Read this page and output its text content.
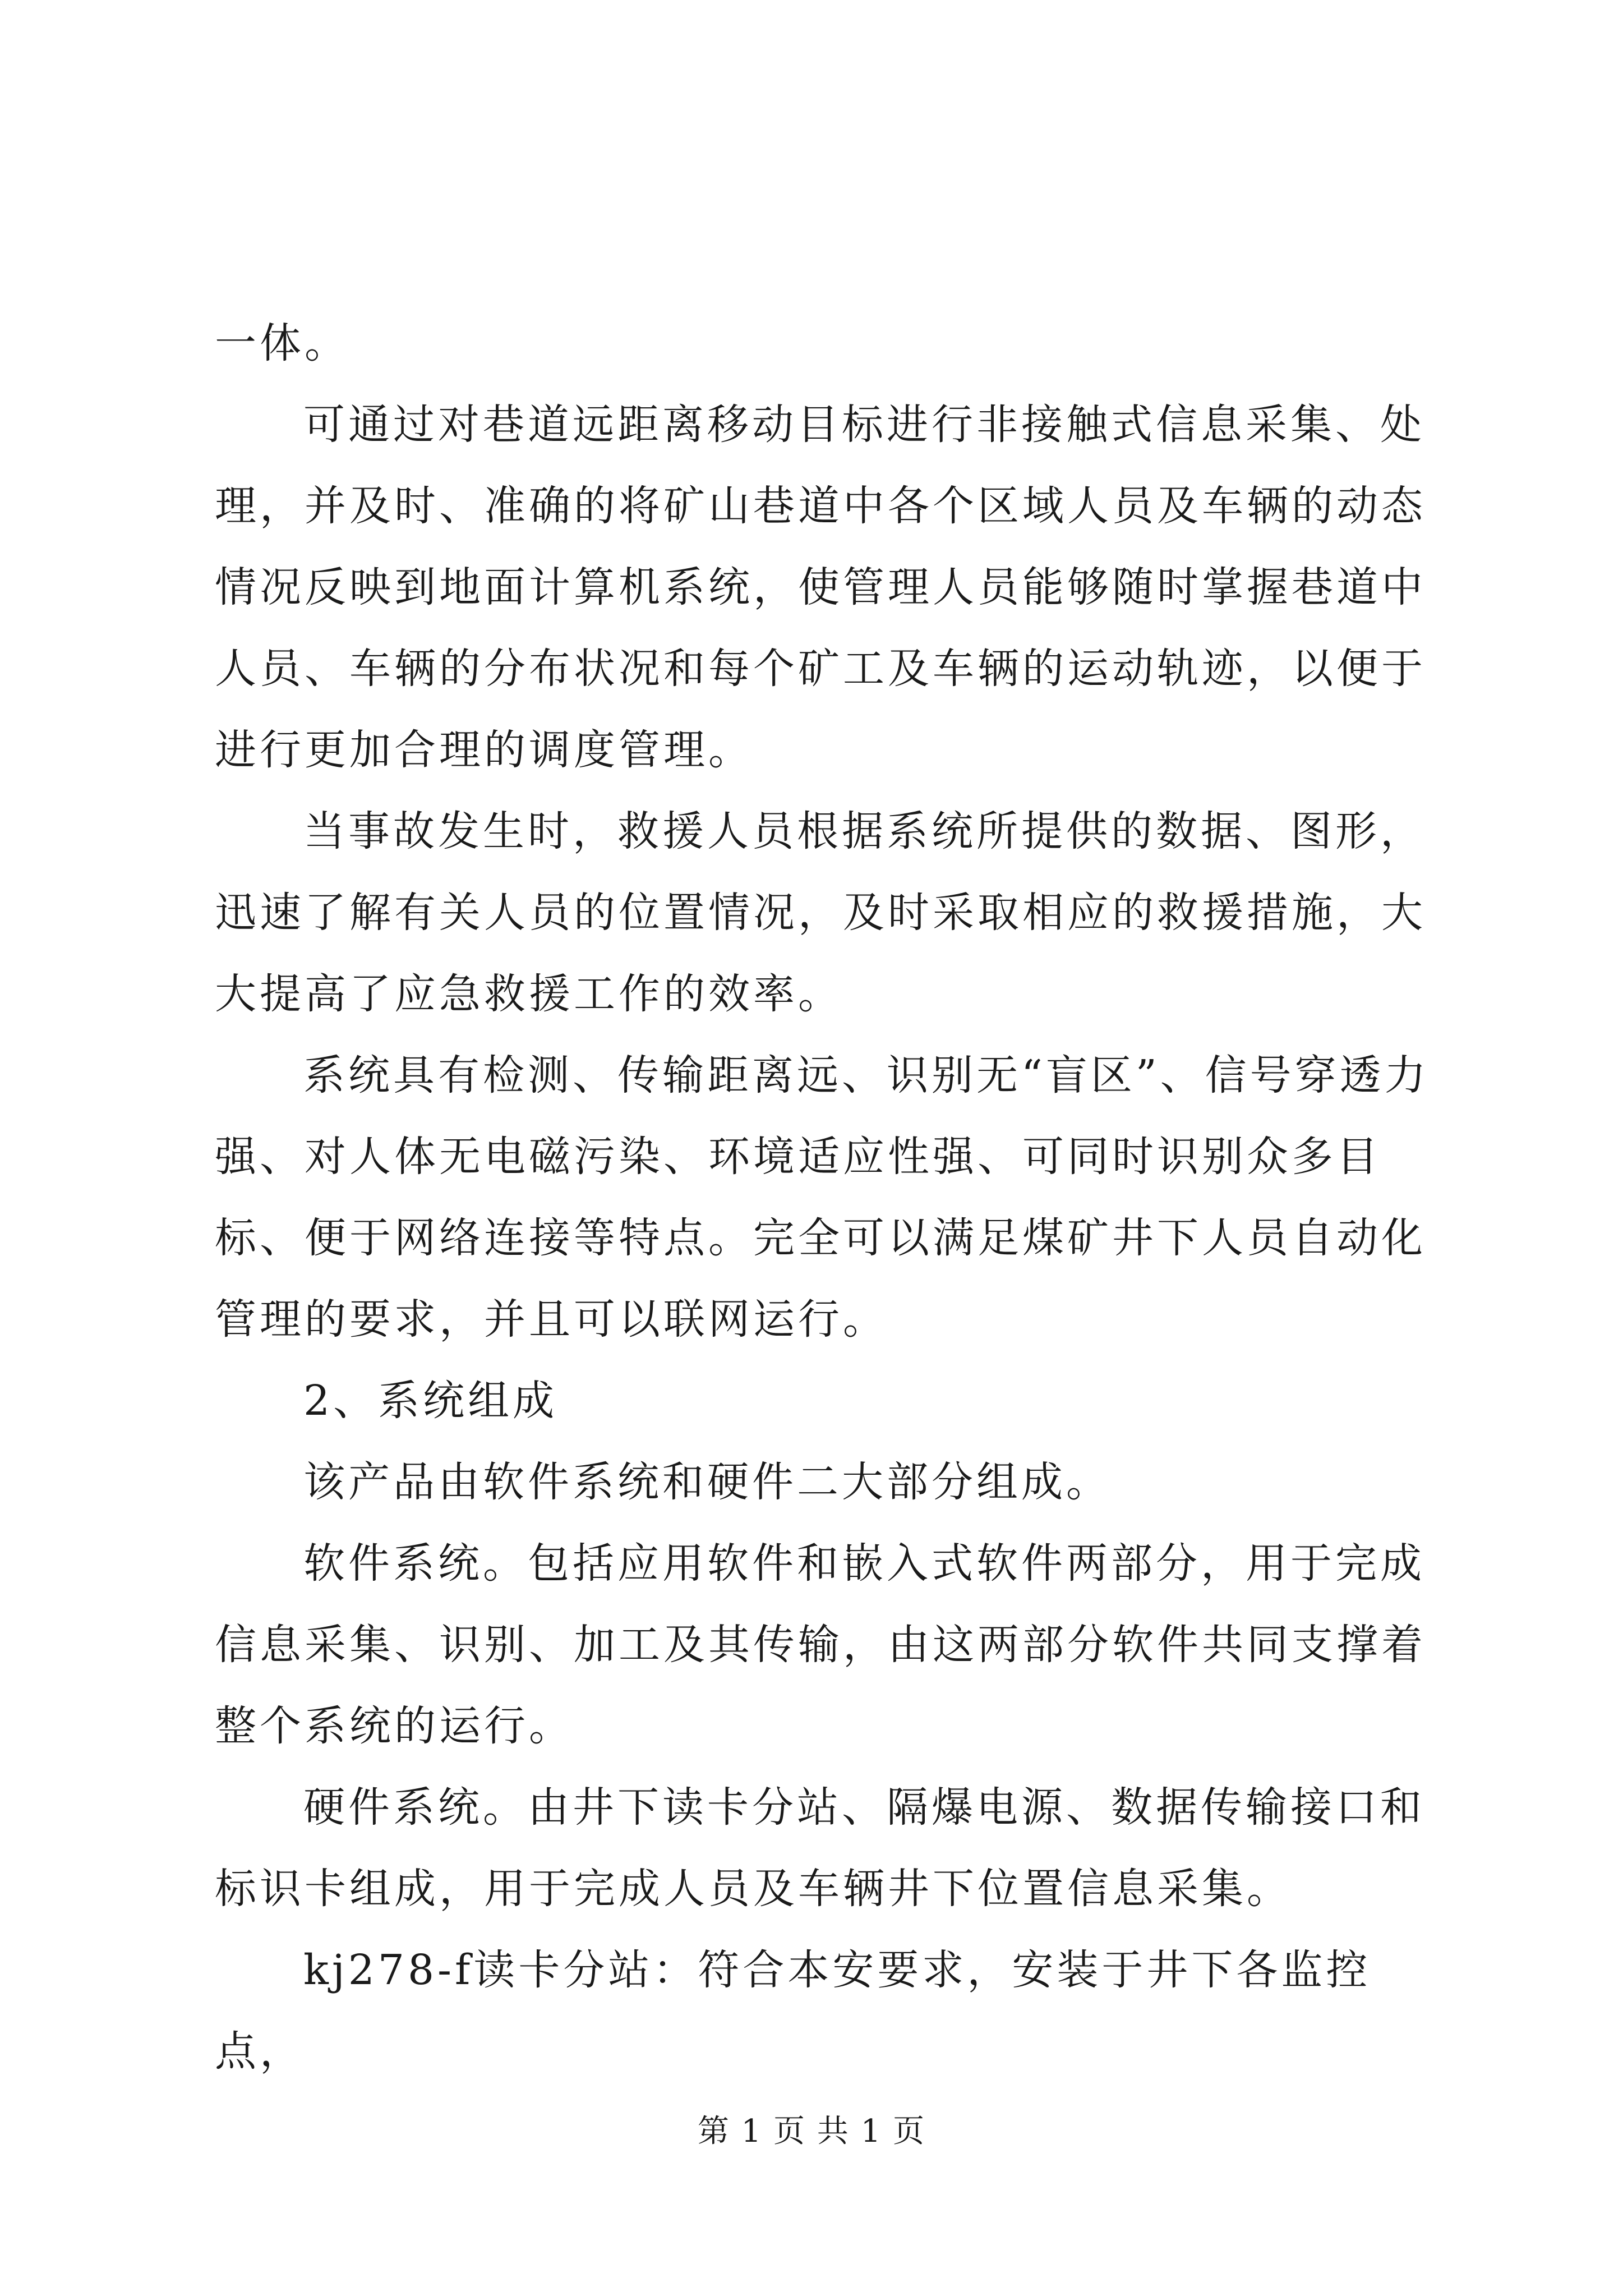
一体。

可通过对巷道远距离移动目标进行非接触式信息采集、处理，并及时、准确的将矿山巷道中各个区域人员及车辆的动态情况反映到地面计算机系统，使管理人员能够随时掌握巷道中人员、车辆的分布状况和每个矿工及车辆的运动轨迹，以便于进行更加合理的调度管理。

当事故发生时，救援人员根据系统所提供的数据、图形，迅速了解有关人员的位置情况，及时采取相应的救援措施，大大提高了应急救援工作的效率。

系统具有检测、传输距离远、识别无“盲区”、信号穿透力强、对人体无电磁污染、环境适应性强、可同时识别众多目标、便于网络连接等特点。完全可以满足煤矿井下人员自动化管理的要求，并且可以联网运行。

2、系统组成

该产品由软件系统和硬件二大部分组成。

软件系统。包括应用软件和嵌入式软件两部分，用于完成信息采集、识别、加工及其传输，由这两部分软件共同支撑着整个系统的运行。

硬件系统。由井下读卡分站、隔爆电源、数据传输接口和标识卡组成，用于完成人员及车辆井下位置信息采集。

kj278-f读卡分站：符合本安要求，安装于井下各监控点，

第 1 页 共 1 页
